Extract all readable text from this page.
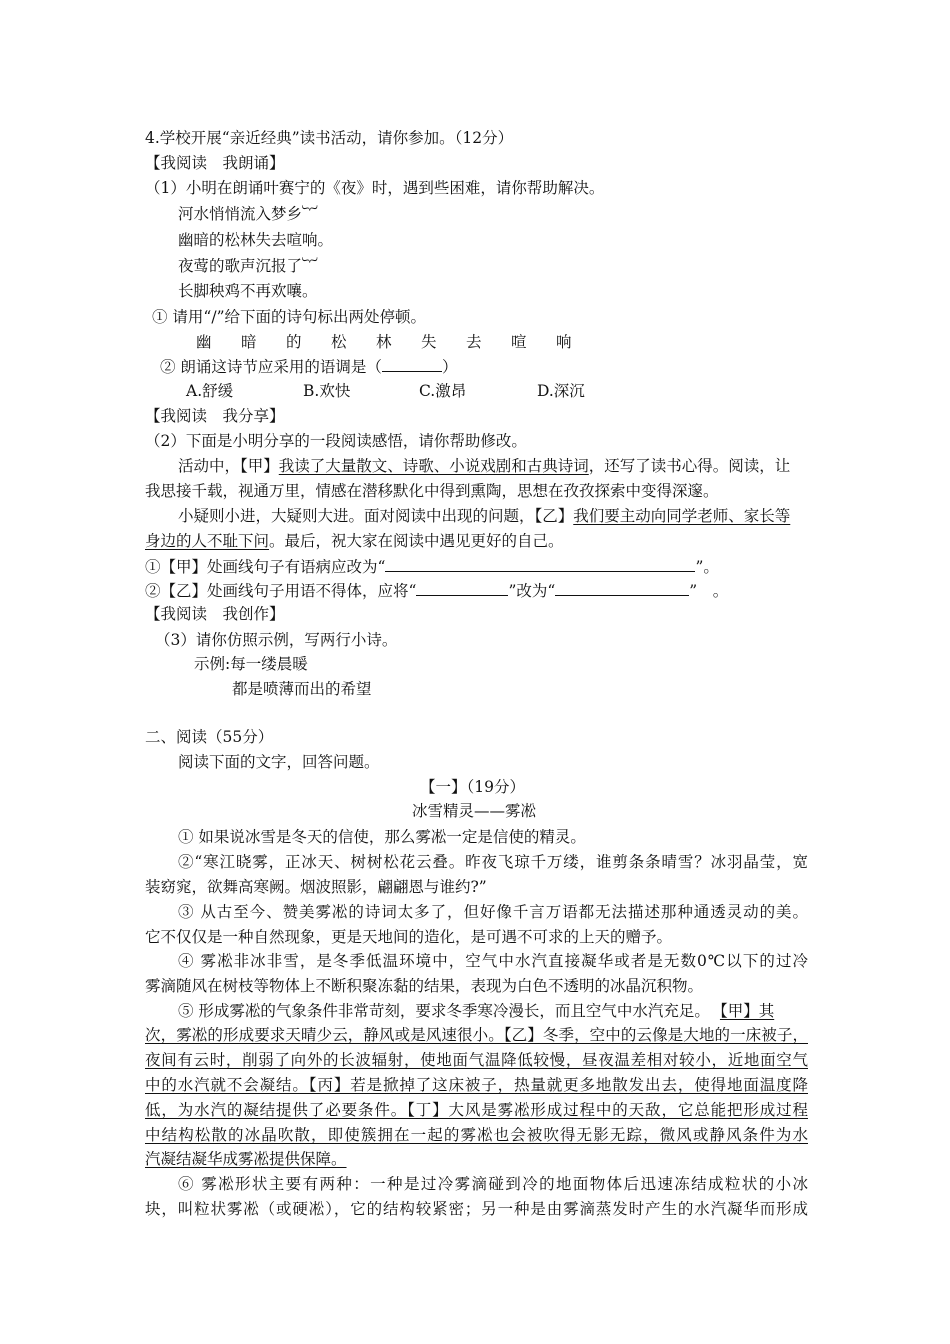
4.学校开展“亲近经典”读书活动，请你参加。（12分）
【我阅读　我朗诵】
（1）小明在朗诵叶赛宁的《夜》时，遇到些困难，请你帮助解决。
河水悄悄流入梦乡︸
幽暗的松林失去喧响。
夜莺的歌声沉报了︸
长脚秧鸡不再欢嚷。
① 请用“/”给下面的诗句标出两处停顿。
幽 暗 的 松 林 失 去 喧 响
② 朗诵这诗节应采用的语调是（	）
A.舒缓	B.欢快	C.激昂	D.深沉
【我阅读　我分享】
（2）下面是小明分享的一段阅读感悟，请你帮助修改。
活动中，【甲】我读了大量散文、诗歌、小说戏剧和古典诗词，还写了读书心得。阅读，让
我思接千载，视通万里，情感在潜移默化中得到熏陶，思想在孜孜探索中变得深邃。
小疑则小进，大疑则大进。面对阅读中出现的问题，【乙】我们要主动向同学老师、家长等
身边的人不耻下问。最后，祝大家在阅读中遇见更好的自己。
①【甲】处画线句子有语病应改为“	”。
②【乙】处画线句子用语不得体，应将“	”改为“	”　。
【我阅读　我创作】
（3）请你仿照示例，写两行小诗。
示例:每一缕晨暖
都是喷薄而出的希望
二、阅读（55分）
阅读下面的文字，回答问题。
【一】（19分）
冰雪精灵——雾凇
① 如果说冰雪是冬天的信使，那么雾凇一定是信使的精灵。
②“寒江晓雾，正冰天、树树松花云叠。昨夜飞琼千万缕，谁剪条条晴雪？冰羽晶莹，宽
装窈窕，欲舞高寒阙。烟波照影，翩翩恩与谁约?”
③ 从古至今、赞美雾凇的诗词太多了，但好像千言万语都无法描述那种通透灵动的美。
它不仅仅是一种自然现象，更是天地间的造化，是可遇不可求的上天的赠予。
④ 雾凇非冰非雪，是冬季低温环境中，空气中水汽直接凝华或者是无数0℃以下的过冷
雾滴随风在树枝等物体上不断积聚冻黏的结果，表现为白色不透明的冰晶沉积物。
⑤ 形成雾凇的气象条件非常苛刻，要求冬季寒冷漫长，而且空气中水汽充足。 【甲】其
次，雾凇的形成要求天晴少云，静风或是风速很小。【乙】冬季，空中的云像是大地的一床被子，
夜间有云时，削弱了向外的长波辐射，使地面气温降低较慢，昼夜温差相对较小，近地面空气
中的水汽就不会凝结。【丙】若是掀掉了这床被子，热量就更多地散发出去，使得地面温度降
低，为水汽的凝结提供了必要条件。【丁】大风是雾凇形成过程中的天敌，它总能把形成过程
中结构松散的冰晶吹散，即使簇拥在一起的雾凇也会被吹得无影无踪，微风或静风条件为水
汽凝结凝华成雾凇提供保障。
⑥ 雾凇形状主要有两种：一种是过冷雾滴碰到冷的地面物体后迅速冻结成粒状的小冰
块，叫粒状雾凇（或硬凇），它的结构较紧密；另一种是由雾滴蒸发时产生的水汽凝华而形成
